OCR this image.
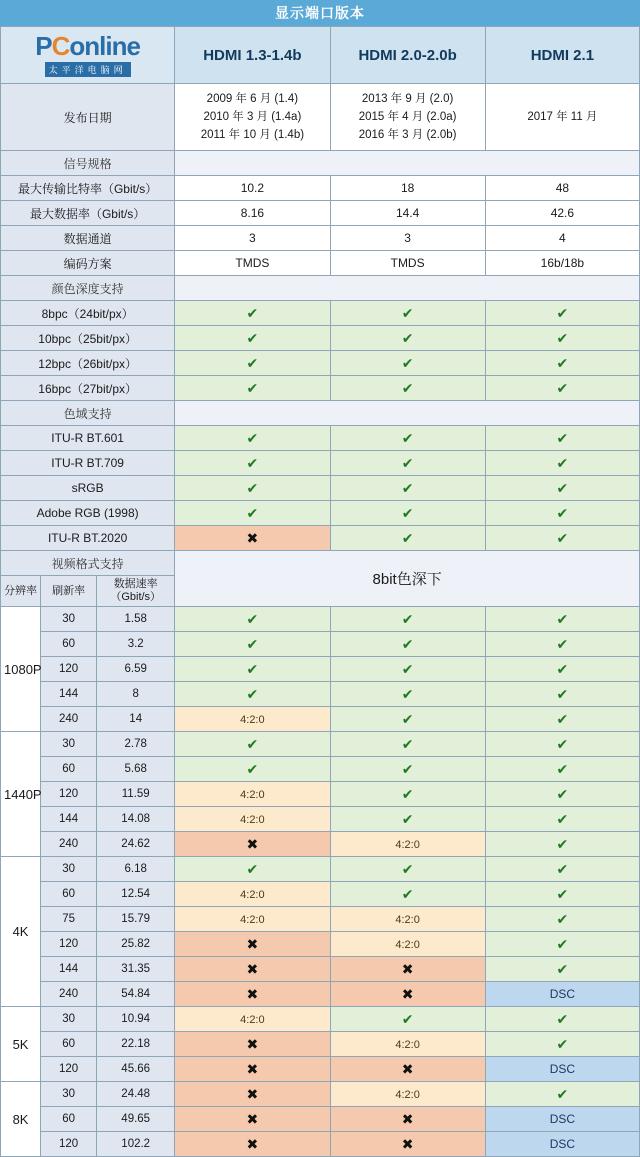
显示端口版本
PConline
太平洋电脑网			HDMI 1.3-1.4b	HDMI 2.0-2.0b	HDMI 2.1
发布日期	
2009 年 6 月 (1.4)
2010 年 3 月 (1.4a)
2011 年 10 月 (1.4b)

2013 年 9 月 (2.0)
2015 年 4 月 (2.0a)
2016 年 3 月 (2.0b)

2017 年 11 月

信号规格					
最大传输比特率（Gbit/s）			10.2	18	48
最大数据率（Gbit/s）			8.16	14.4	42.6
数据通道			3	3	4
编码方案			TMDS	TMDS	16b/18b
颜色深度支持					
8bpc（24bit/px）			✔	✔	✔
10bpc（25bit/px）			✔	✔	✔
12bpc（26bit/px）			✔	✔	✔
16bpc（27bit/px）			✔	✔	✔
色域支持					
ITU-R BT.601			✔	✔	✔
ITU-R BT.709			✔	✔	✔
sRGB			✔	✔	✔
Adobe RGB (1998)			✔	✔	✔
ITU-R BT.2020			✖	✔	✔
视频格式支持			8bit色深下		
分辨率	刷新率	数据速率
（Gbit/s）			
1080P	30	1.58	✔	✔	✔
	60	3.2	✔	✔	✔
	120	6.59	✔	✔	✔
	144	8	✔	✔	✔
	240	14	4:2:0	✔	✔
1440P	30	2.78	✔	✔	✔
	60	5.68	✔	✔	✔
	120	11.59	4:2:0	✔	✔
	144	14.08	4:2:0	✔	✔
	240	24.62	✖	4:2:0	✔
4K	30	6.18	✔	✔	✔
	60	12.54	4:2:0	✔	✔
	75	15.79	4:2:0	4:2:0	✔
	120	25.82	✖	4:2:0	✔
	144	31.35	✖	✖	✔
	240	54.84	✖	✖	DSC
5K	30	10.94	4:2:0	✔	✔
	60	22.18	✖	4:2:0	✔
	120	45.66	✖	✖	DSC
8K	30	24.48	✖	4:2:0	✔
	60	49.65	✖	✖	DSC
	120	102.2	✖	✖	DSC
